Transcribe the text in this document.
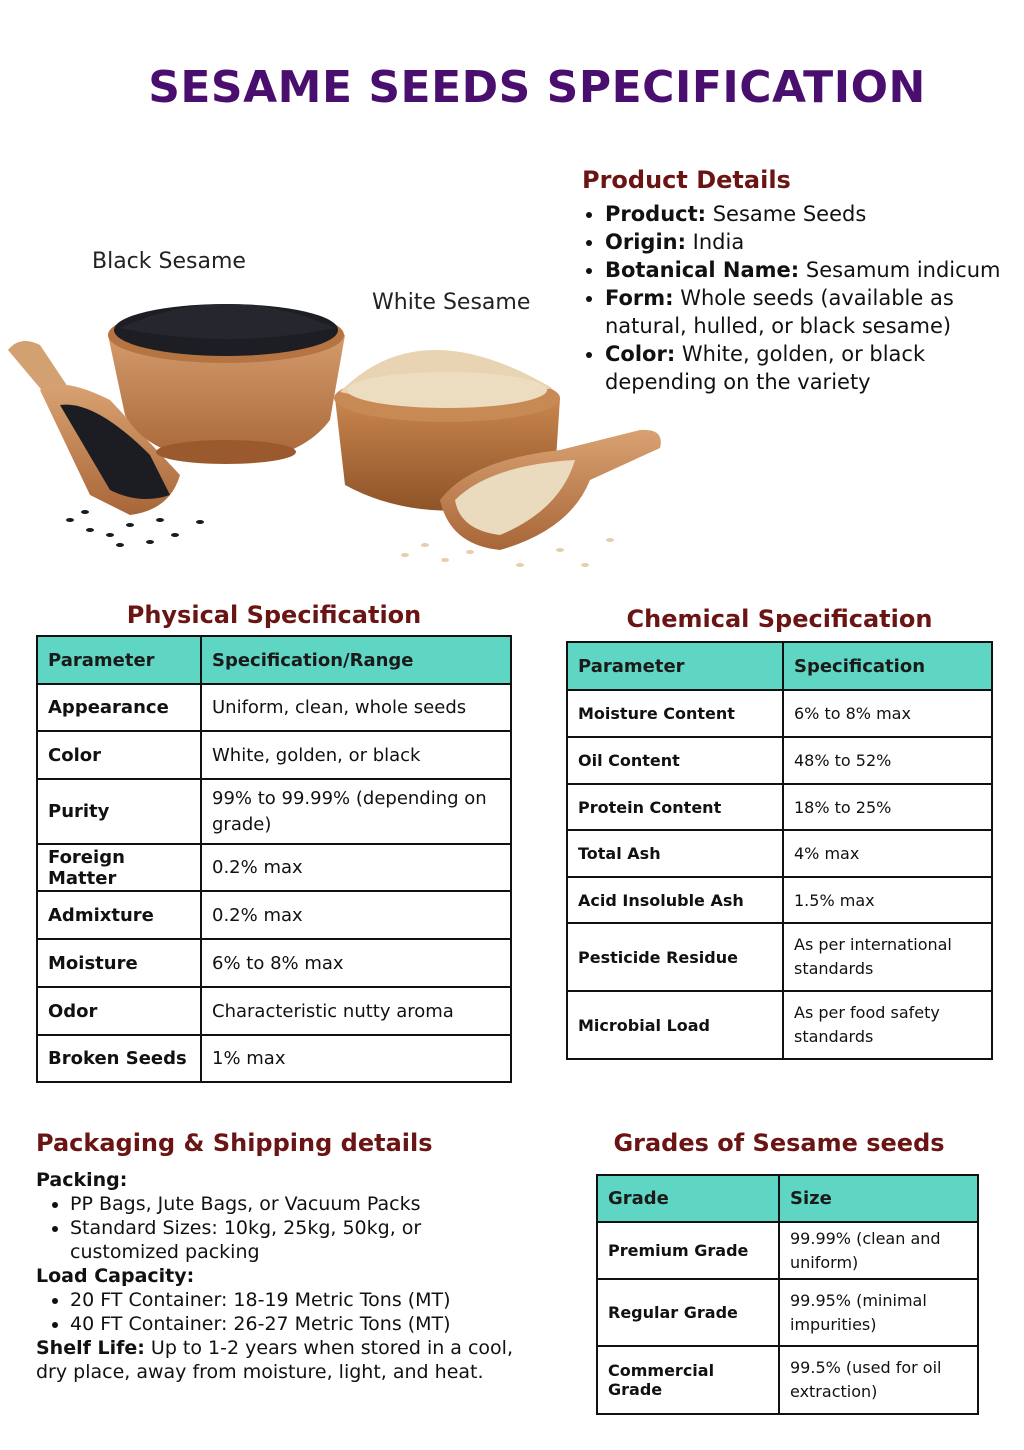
SESAME SEEDS SPECIFICATION
Product Details
• Product: Sesame Seeds
• Origin: India
• Botanical Name: Sesamum indicum
• Form: Whole seeds (available as natural, hulled, or black sesame)
• Color: White, golden, or black depending on the variety
Black Sesame
White Sesame
Physical Specification
Parameter	Specification/Range
Appearance	Uniform, clean, whole seeds
Color	White, golden, or black
Purity	99% to 99.99% (depending on grade)
Foreign Matter	0.2% max
Admixture	0.2% max
Moisture	6% to 8% max
Odor	Characteristic nutty aroma
Broken Seeds	1% max
Chemical Specification
Parameter	Specification
Moisture Content	6% to 8% max
Oil Content	48% to 52%
Protein Content	18% to 25%
Total Ash	4% max
Acid Insoluble Ash	1.5% max
Pesticide Residue	As per international standards
Microbial Load	As per food safety standards
Packaging & Shipping details
Packing:
• PP Bags, Jute Bags, or Vacuum Packs
• Standard Sizes: 10kg, 25kg, 50kg, or customized packing
Load Capacity:
• 20 FT Container: 18-19 Metric Tons (MT)
• 40 FT Container: 26-27 Metric Tons (MT)
Shelf Life: Up to 1-2 years when stored in a cool, dry place, away from moisture, light, and heat.
Grades of Sesame seeds
Grade	Size
Premium Grade	99.99% (clean and uniform)
Regular Grade	99.95% (minimal impurities)
Commercial Grade	99.5% (used for oil extraction)
